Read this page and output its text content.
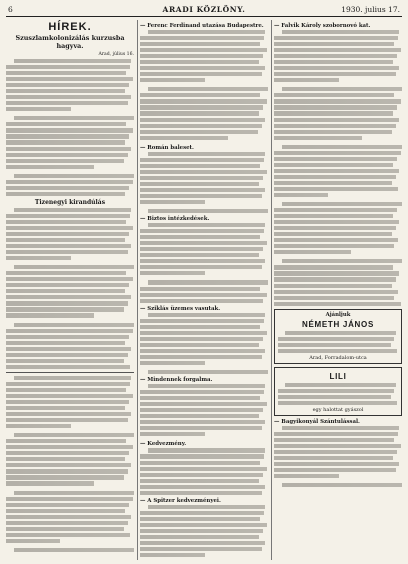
6	ARADI KÖZLÖNY.	1930. julius 17.
HÍREK.
Szuszlamkolonizálás kurzusba hagyva.
Arad, július 16.
Tizenegyi kirandúlás
— Ferenc Ferdinand utazása Budapestre.
— Román baleset.
— Biztos intézkedések.
— Sziklás üzemes vasutak.
— Mindennek forgalma.
— Kedvezmény.
— A Spitzer kedvezményei.
— Falvik Károly szobornovó kat.
Ajánljuk
NÉMETH JÁNOS
Arad, Forradalom-utca
LILI
egy halottat gyászol
— Bagyikonyál Szántulással.
